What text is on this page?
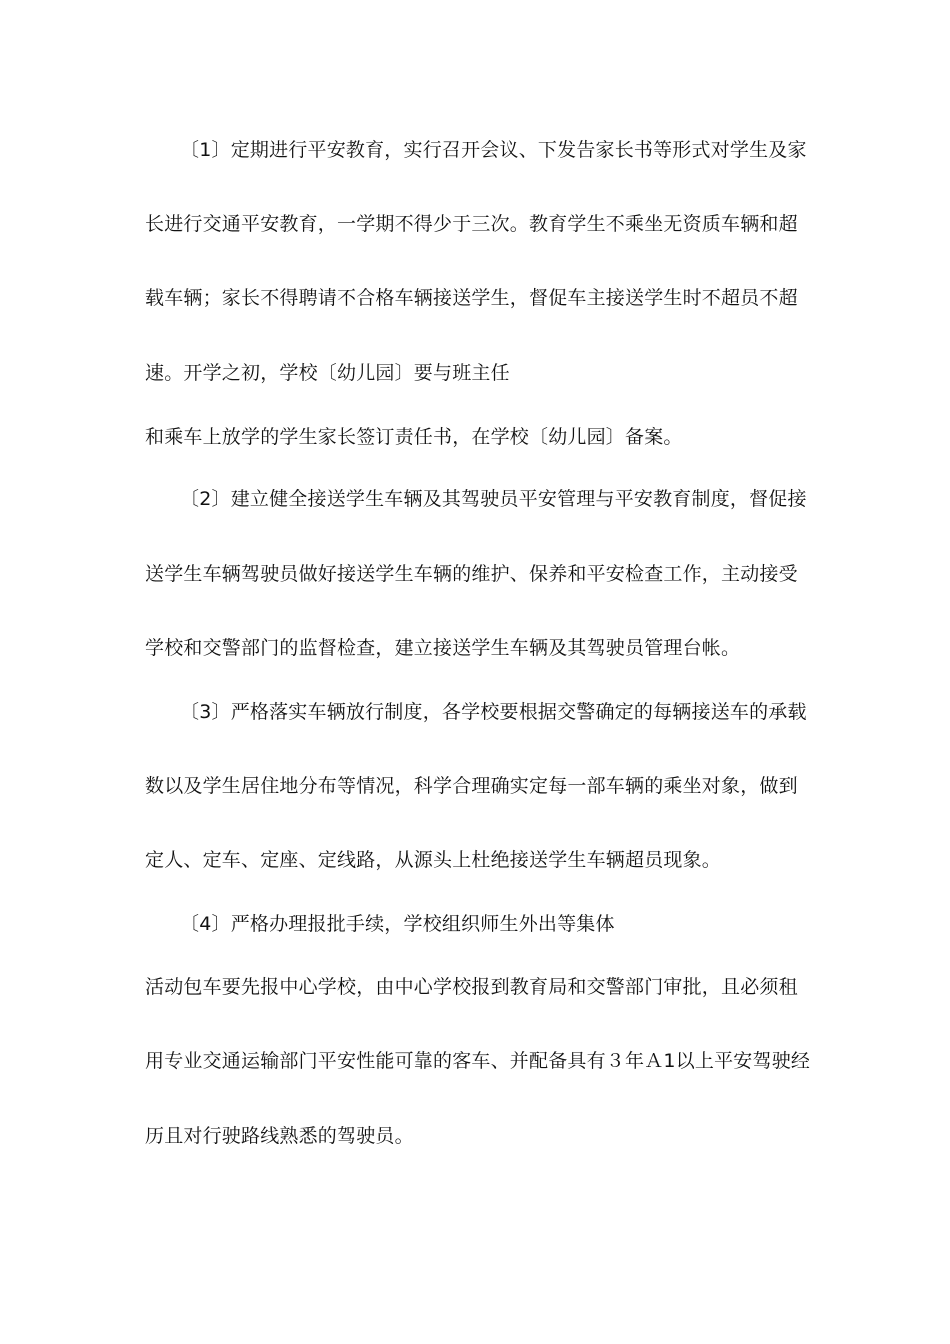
〔1〕定期进行平安教育，实行召开会议、下发告家长书等形式对学生及家
长进行交通平安教育，一学期不得少于三次。教育学生不乘坐无资质车辆和超
载车辆；家长不得聘请不合格车辆接送学生，督促车主接送学生时不超员不超
速。开学之初，学校〔幼儿园〕要与班主任
和乘车上放学的学生家长签订责任书，在学校〔幼儿园〕备案。
〔2〕建立健全接送学生车辆及其驾驶员平安管理与平安教育制度，督促接
送学生车辆驾驶员做好接送学生车辆的维护、保养和平安检查工作，主动接受
学校和交警部门的监督检查，建立接送学生车辆及其驾驶员管理台帐。
〔3〕严格落实车辆放行制度，各学校要根据交警确定的每辆接送车的承载
数以及学生居住地分布等情况，科学合理确实定每一部车辆的乘坐对象，做到
定人、定车、定座、定线路，从源头上杜绝接送学生车辆超员现象。
〔4〕严格办理报批手续，学校组织师生外出等集体
活动包车要先报中心学校，由中心学校报到教育局和交警部门审批，且必须租
用专业交通运输部门平安性能可靠的客车、并配备具有３年Ａ1以上平安驾驶经
历且对行驶路线熟悉的驾驶员。
